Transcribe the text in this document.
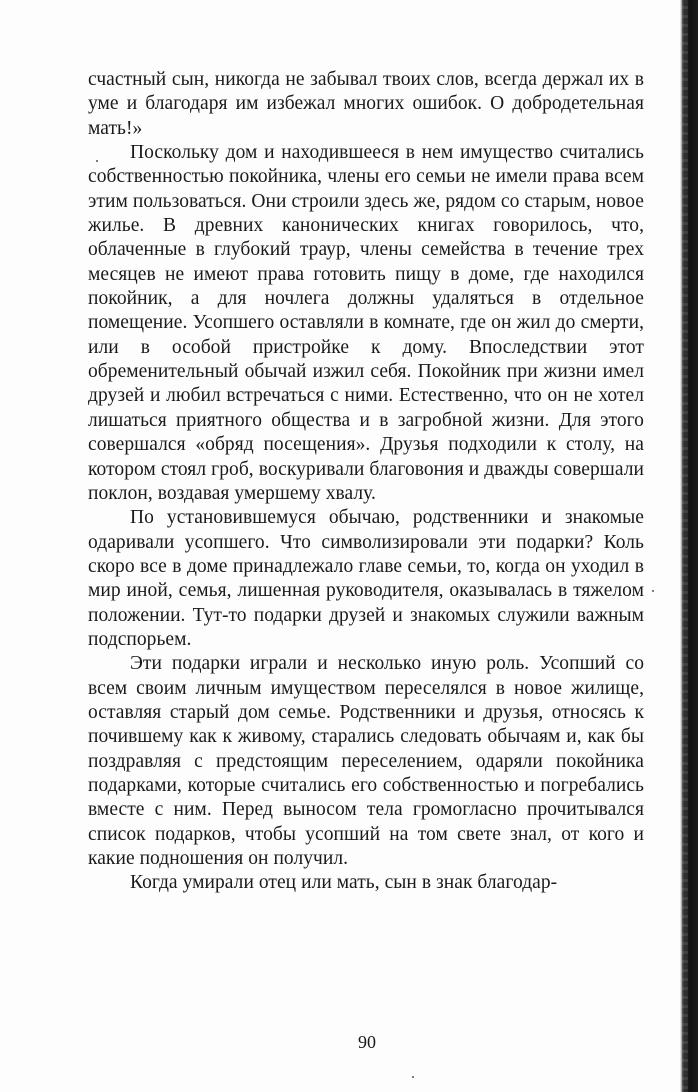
счастный сын, никогда не забывал твоих слов, всегда держал их в уме и благодаря им избежал многих ошибок. О добродетельная мать!»

Поскольку дом и находившееся в нем имущество считались собственностью покойника, члены его семьи не имели права всем этим пользоваться. Они строили здесь же, рядом со старым, новое жилье. В древних канонических книгах говорилось, что, облаченные в глубокий траур, члены семейства в течение трех месяцев не имеют права готовить пищу в доме, где находился покойник, а для ночлега должны удаляться в отдельное помещение. Усопшего оставляли в комнате, где он жил до смерти, или в особой пристройке к дому. Впоследствии этот обременительный обычай изжил себя. Покойник при жизни имел друзей и любил встречаться с ними. Естественно, что он не хотел лишаться приятного общества и в загробной жизни. Для этого совершался «обряд посещения». Друзья подходили к столу, на котором стоял гроб, воскуривали благовония и дважды совершали поклон, воздавая умершему хвалу.

По установившемуся обычаю, родственники и знакомые одаривали усопшего. Что символизировали эти подарки? Коль скоро все в доме принадлежало главе семьи, то, когда он уходил в мир иной, семья, лишенная руководителя, оказывалась в тяжелом положении. Тут-то подарки друзей и знакомых служили важным подспорьем.

Эти подарки играли и несколько иную роль. Усопший со всем своим личным имуществом переселялся в новое жилище, оставляя старый дом семье. Родственники и друзья, относясь к почившему как к живому, старались следовать обычаям и, как бы поздравляя с предстоящим переселением, одаряли покойника подарками, которые считались его собственностью и погребались вместе с ним. Перед выносом тела громогласно прочитывался список подарков, чтобы усопший на том свете знал, от кого и какие подношения он получил.

Когда умирали отец или мать, сын в знак благодар-

90
